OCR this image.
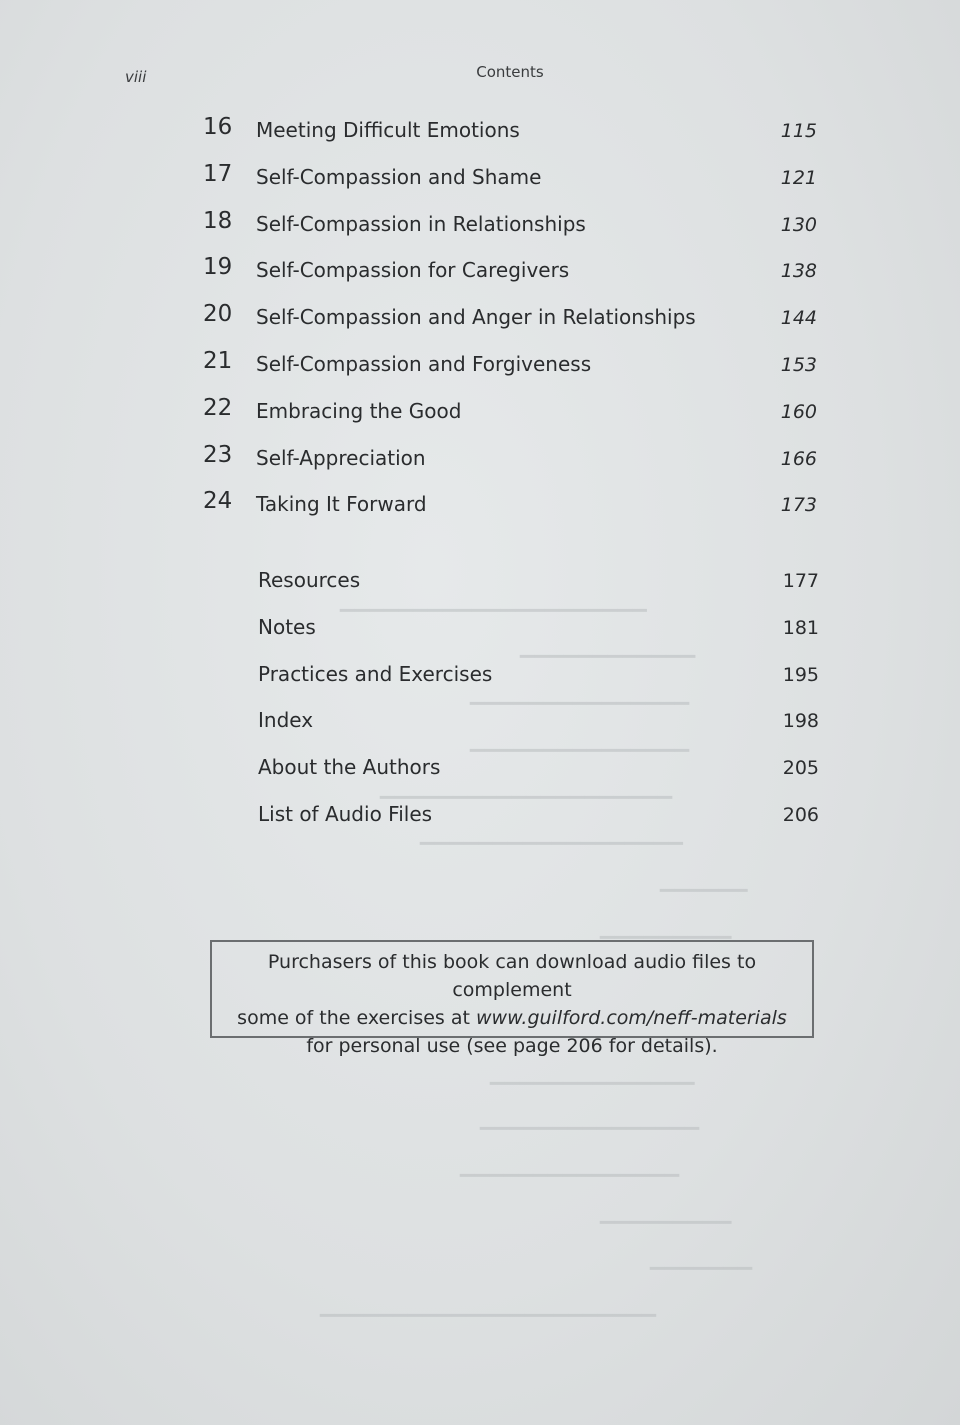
▁▁▁▁▁▁▁▁▁▁▁▁▁▁▁▁▁▁▁▁▁
▁▁▁▁▁▁▁▁▁▁▁▁
▁▁▁▁▁▁▁▁▁▁▁▁▁▁▁
▁▁▁▁▁▁▁▁▁▁▁▁▁▁▁
▁▁▁▁▁▁▁▁▁▁▁▁▁▁▁▁▁▁▁▁
▁▁▁▁▁▁▁▁▁▁▁▁▁▁▁▁▁▁
▁▁▁▁▁▁
▁▁▁▁▁▁▁▁▁
▁▁▁▁▁▁▁▁▁▁▁▁▁▁
▁▁▁▁▁▁▁▁▁▁▁▁▁▁▁
▁▁▁▁▁▁▁▁▁▁▁▁▁▁▁
▁▁▁▁▁▁▁▁▁
▁▁▁▁▁▁▁
▁▁▁▁▁▁▁▁▁▁▁▁▁▁▁▁▁▁▁▁▁▁▁
viii	Contents
16 Meeting Difficult Emotions	115
17 Self-Compassion and Shame	121
18 Self-Compassion in Relationships	130
19 Self-Compassion for Caregivers	138
20 Self-Compassion and Anger in Relationships	144
21 Self-Compassion and Forgiveness	153
22 Embracing the Good	160
23 Self-Appreciation	166
24 Taking It Forward	173
Resources	177
Notes	181
Practices and Exercises	195
Index	198
About the Authors	205
List of Audio Files	206
Purchasers of this book can download audio files to complement
some of the exercises at www.guilford.com/neff-materials
for personal use (see page 206 for details).
